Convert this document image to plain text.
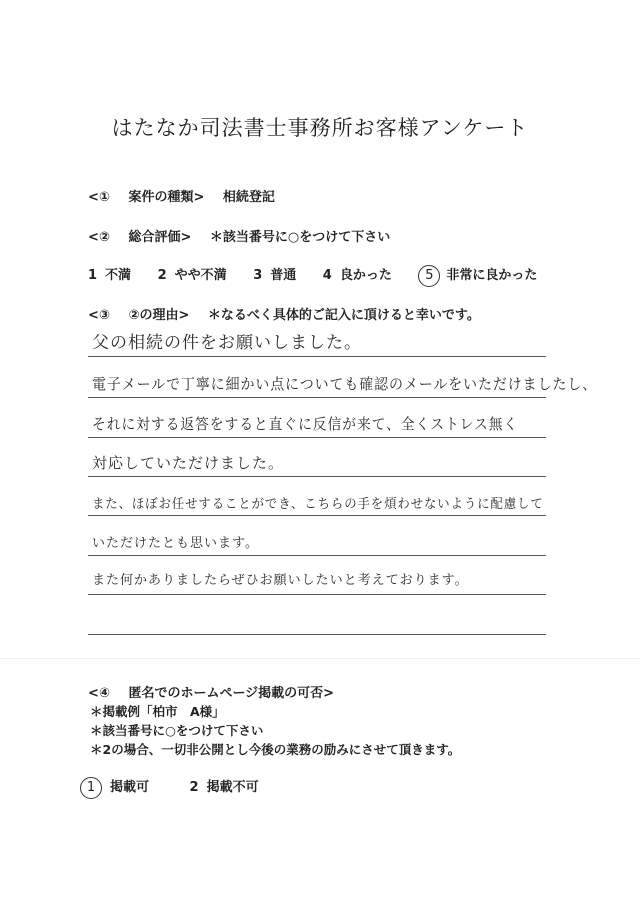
はたなか司法書士事務所お客様アンケート
<① 案件の種類> 相続登記
<② 総合評価> ＊該当番号に○をつけて下さい
1 不満 2 やや不満 3 普通 4 良かった	5 非常に良かった
<③ ②の理由> ＊なるべく具体的ご記入に頂けると幸いです。
父の相続の件をお願いしました。
電子メールで丁寧に細かい点についても確認のメールをいただけましたし、
それに対する返答をすると直ぐに反信が来て、全くストレス無く
対応していただけました。
また、ほぼお任せすることができ、こちらの手を煩わせないように配慮して
いただけたとも思います。
また何かありましたらぜひお願いしたいと考えております。
<④ 匿名でのホームページ掲載の可否>
＊掲載例「柏市　A様」
＊該当番号に○をつけて下さい
＊2の場合、一切非公開とし今後の業務の励みにさせて頂きます。
1 掲載可	2 掲載不可
